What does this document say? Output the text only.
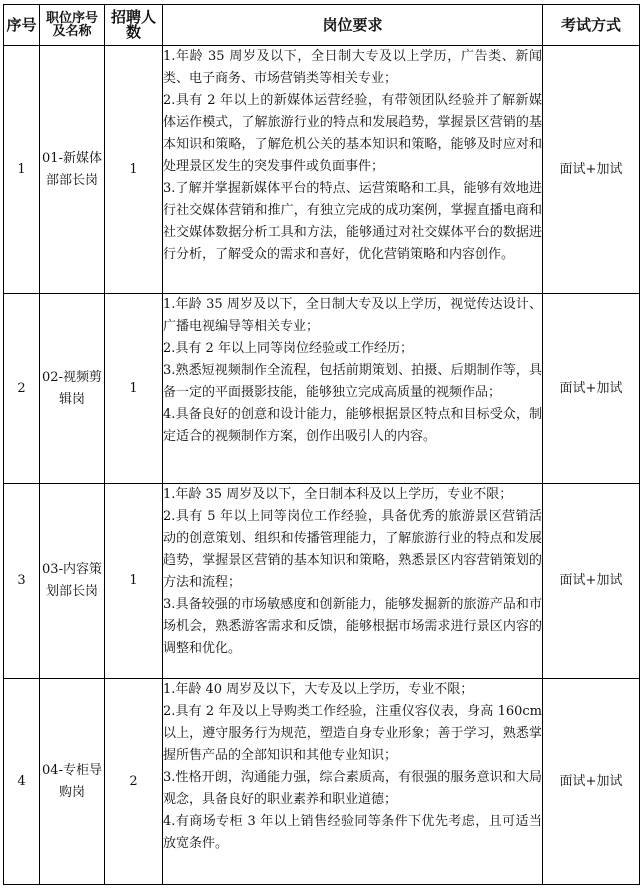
序号	职位序号及名称	招聘人数	岗位要求	考试方式
1	01-新媒体部部长岗	1	1.年龄 35 周岁及以下，全日制大专及以上学历，广告类、新闻类、电子商务、市场营销类等相关专业；

2.具有 2 年以上的新媒体运营经验，有带领团队经验并了解新媒体运作模式，了解旅游行业的特点和发展趋势，掌握景区营销的基本知识和策略，了解危机公关的基本知识和策略，能够及时应对和处理景区发生的突发事件或负面事件；

3.了解并掌握新媒体平台的特点、运营策略和工具，能够有效地进行社交媒体营销和推广，有独立完成的成功案例，掌握直播电商和社交媒体数据分析工具和方法，能够通过对社交媒体平台的数据进行分析，了解受众的需求和喜好，优化营销策略和内容创作。	面试+加试
2	02-视频剪辑岗	1	1.年龄 35 周岁及以下，全日制大专及以上学历，视觉传达设计、广播电视编导等相关专业；

2.具有 2 年以上同等岗位经验或工作经历；

3.熟悉短视频制作全流程，包括前期策划、拍摄、后期制作等，具备一定的平面摄影技能，能够独立完成高质量的视频作品；

4.具备良好的创意和设计能力，能够根据景区特点和目标受众，制定适合的视频制作方案，创作出吸引人的内容。	面试+加试
3	03-内容策划部长岗	1	1.年龄 35 周岁及以下，全日制本科及以上学历，专业不限；

2.具有 5 年以上同等岗位工作经验，具备优秀的旅游景区营销活动的创意策划、组织和传播管理能力，了解旅游行业的特点和发展趋势，掌握景区营销的基本知识和策略，熟悉景区内容营销策划的方法和流程；

3.具备较强的市场敏感度和创新能力，能够发掘新的旅游产品和市场机会，熟悉游客需求和反馈，能够根据市场需求进行景区内容的调整和优化。	面试+加试
4	04-专柜导购岗	2	1.年龄 40 周岁及以下，大专及以上学历，专业不限；

2.具有 2 年及以上导购类工作经验，注重仪容仪表，身高 160cm 以上，遵守服务行为规范，塑造自身专业形象；善于学习，熟悉掌握所售产品的全部知识和其他专业知识；

3.性格开朗，沟通能力强，综合素质高，有很强的服务意识和大局观念，具备良好的职业素养和职业道德；

4.有商场专柜 3 年以上销售经验同等条件下优先考虑，且可适当放宽条件。	面试+加试
